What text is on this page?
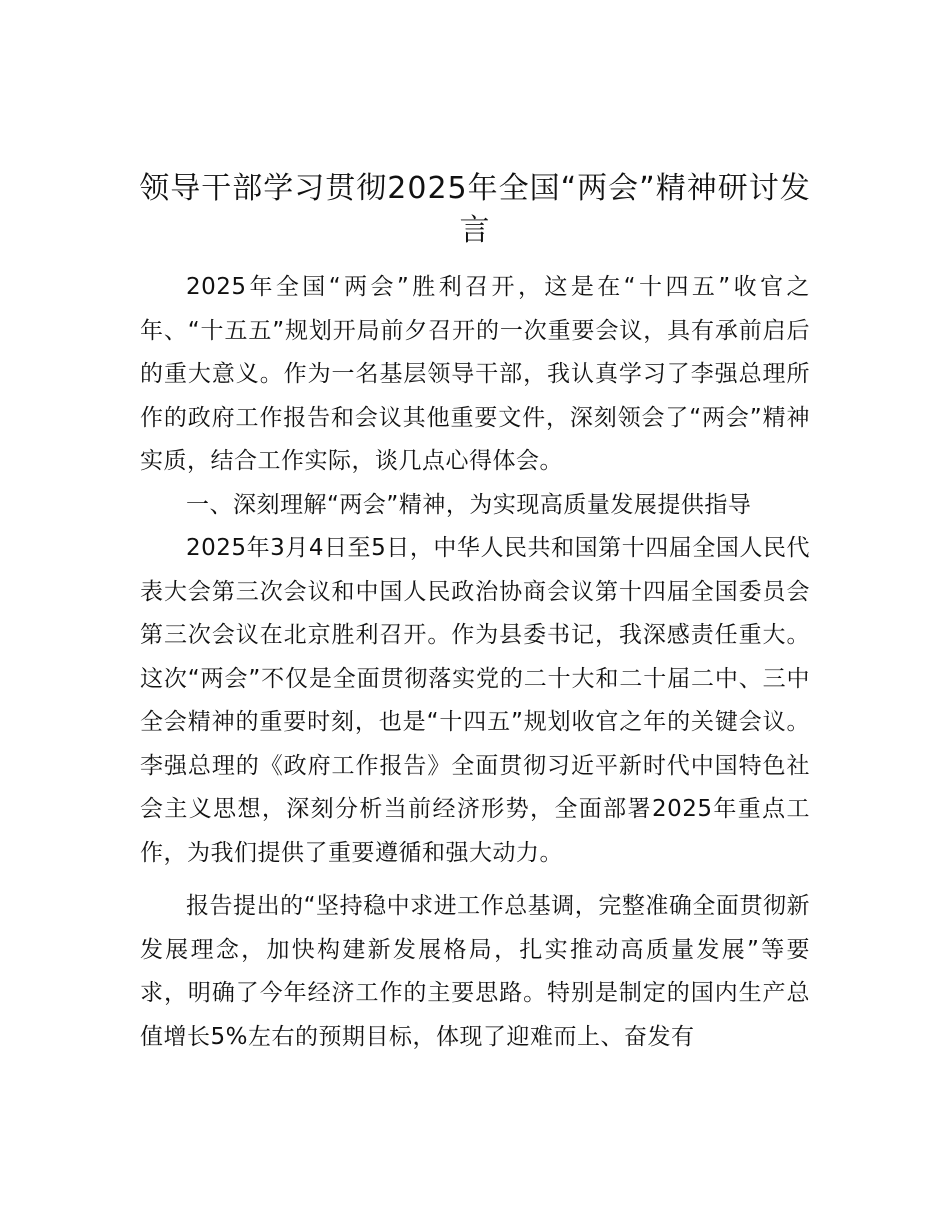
领导干部学习贯彻2025年全国“两会”精神研讨发言

2025年全国“两会”胜利召开，这是在“十四五”收官之年、“十五五”规划开局前夕召开的一次重要会议，具有承前启后的重大意义。作为一名基层领导干部，我认真学习了李强总理所作的政府工作报告和会议其他重要文件，深刻领会了“两会”精神实质，结合工作实际，谈几点心得体会。

一、深刻理解“两会”精神，为实现高质量发展提供指导

2025年3月4日至5日，中华人民共和国第十四届全国人民代表大会第三次会议和中国人民政治协商会议第十四届全国委员会第三次会议在北京胜利召开。作为县委书记，我深感责任重大。这次“两会”不仅是全面贯彻落实党的二十大和二十届二中、三中全会精神的重要时刻，也是“十四五”规划收官之年的关键会议。李强总理的《政府工作报告》全面贯彻习近平新时代中国特色社会主义思想，深刻分析当前经济形势，全面部署2025年重点工作，为我们提供了重要遵循和强大动力。

报告提出的“坚持稳中求进工作总基调，完整准确全面贯彻新发展理念，加快构建新发展格局，扎实推动高质量发展”等要求，明确了今年经济工作的主要思路。特别是制定的国内生产总值增长5%左右的预期目标，体现了迎难而上、奋发有
